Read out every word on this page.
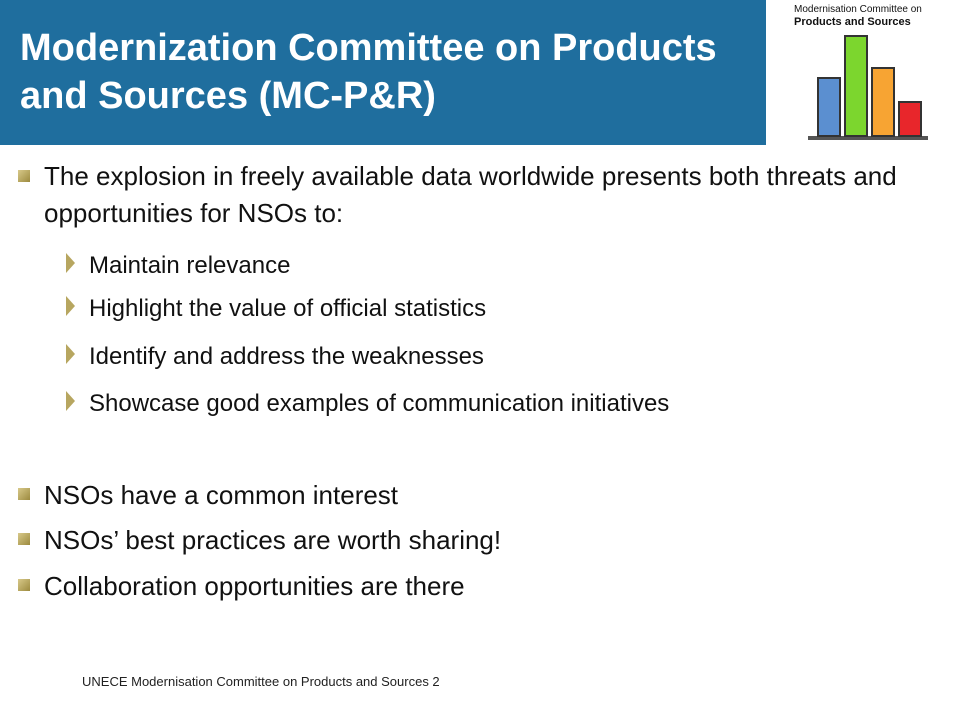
Modernization Committee on Products and Sources (MC-P&R)
Modernisation Committee on
Products and Sources
The explosion in freely available data worldwide presents both threats and opportunities for NSOs to:
Maintain relevance
Highlight the value of official statistics
Identify and address the weaknesses
Showcase good examples of communication initiatives
NSOs have a common interest
NSOs’ best practices are worth sharing!
Collaboration opportunities are there
UNECE Modernisation Committee on Products and Sources 2
